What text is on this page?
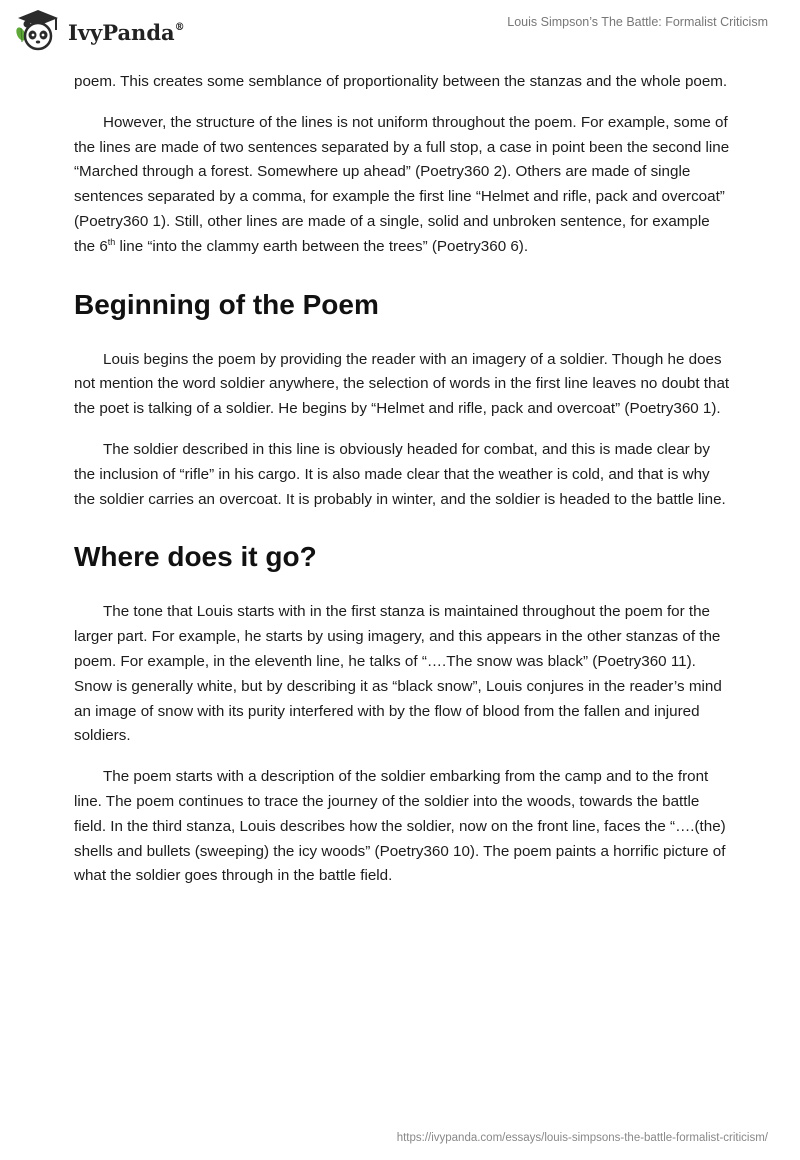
IvyPanda®	Louis Simpson’s The Battle: Formalist Criticism

poem. This creates some semblance of proportionality between the stanzas and the whole poem.

However, the structure of the lines is not uniform throughout the poem. For example, some of the lines are made of two sentences separated by a full stop, a case in point been the second line “Marched through a forest. Somewhere up ahead” (Poetry360 2). Others are made of single sentences separated by a comma, for example the first line “Helmet and rifle, pack and overcoat” (Poetry360 1). Still, other lines are made of a single, solid and unbroken sentence, for example the 6th line “into the clammy earth between the trees” (Poetry360 6).

Beginning of the Poem

Louis begins the poem by providing the reader with an imagery of a soldier. Though he does not mention the word soldier anywhere, the selection of words in the first line leaves no doubt that the poet is talking of a soldier. He begins by “Helmet and rifle, pack and overcoat” (Poetry360 1).

The soldier described in this line is obviously headed for combat, and this is made clear by the inclusion of “rifle” in his cargo. It is also made clear that the weather is cold, and that is why the soldier carries an overcoat. It is probably in winter, and the soldier is headed to the battle line.

Where does it go?

The tone that Louis starts with in the first stanza is maintained throughout the poem for the larger part. For example, he starts by using imagery, and this appears in the other stanzas of the poem. For example, in the eleventh line, he talks of “….The snow was black” (Poetry360 11). Snow is generally white, but by describing it as “black snow”, Louis conjures in the reader’s mind an image of snow with its purity interfered with by the flow of blood from the fallen and injured soldiers.

The poem starts with a description of the soldier embarking from the camp and to the front line. The poem continues to trace the journey of the soldier into the woods, towards the battle field. In the third stanza, Louis describes how the soldier, now on the front line, faces the “….(the) shells and bullets (sweeping) the icy woods” (Poetry360 10). The poem paints a horrific picture of what the soldier goes through in the battle field.

https://ivypanda.com/essays/louis-simpsons-the-battle-formalist-criticism/
